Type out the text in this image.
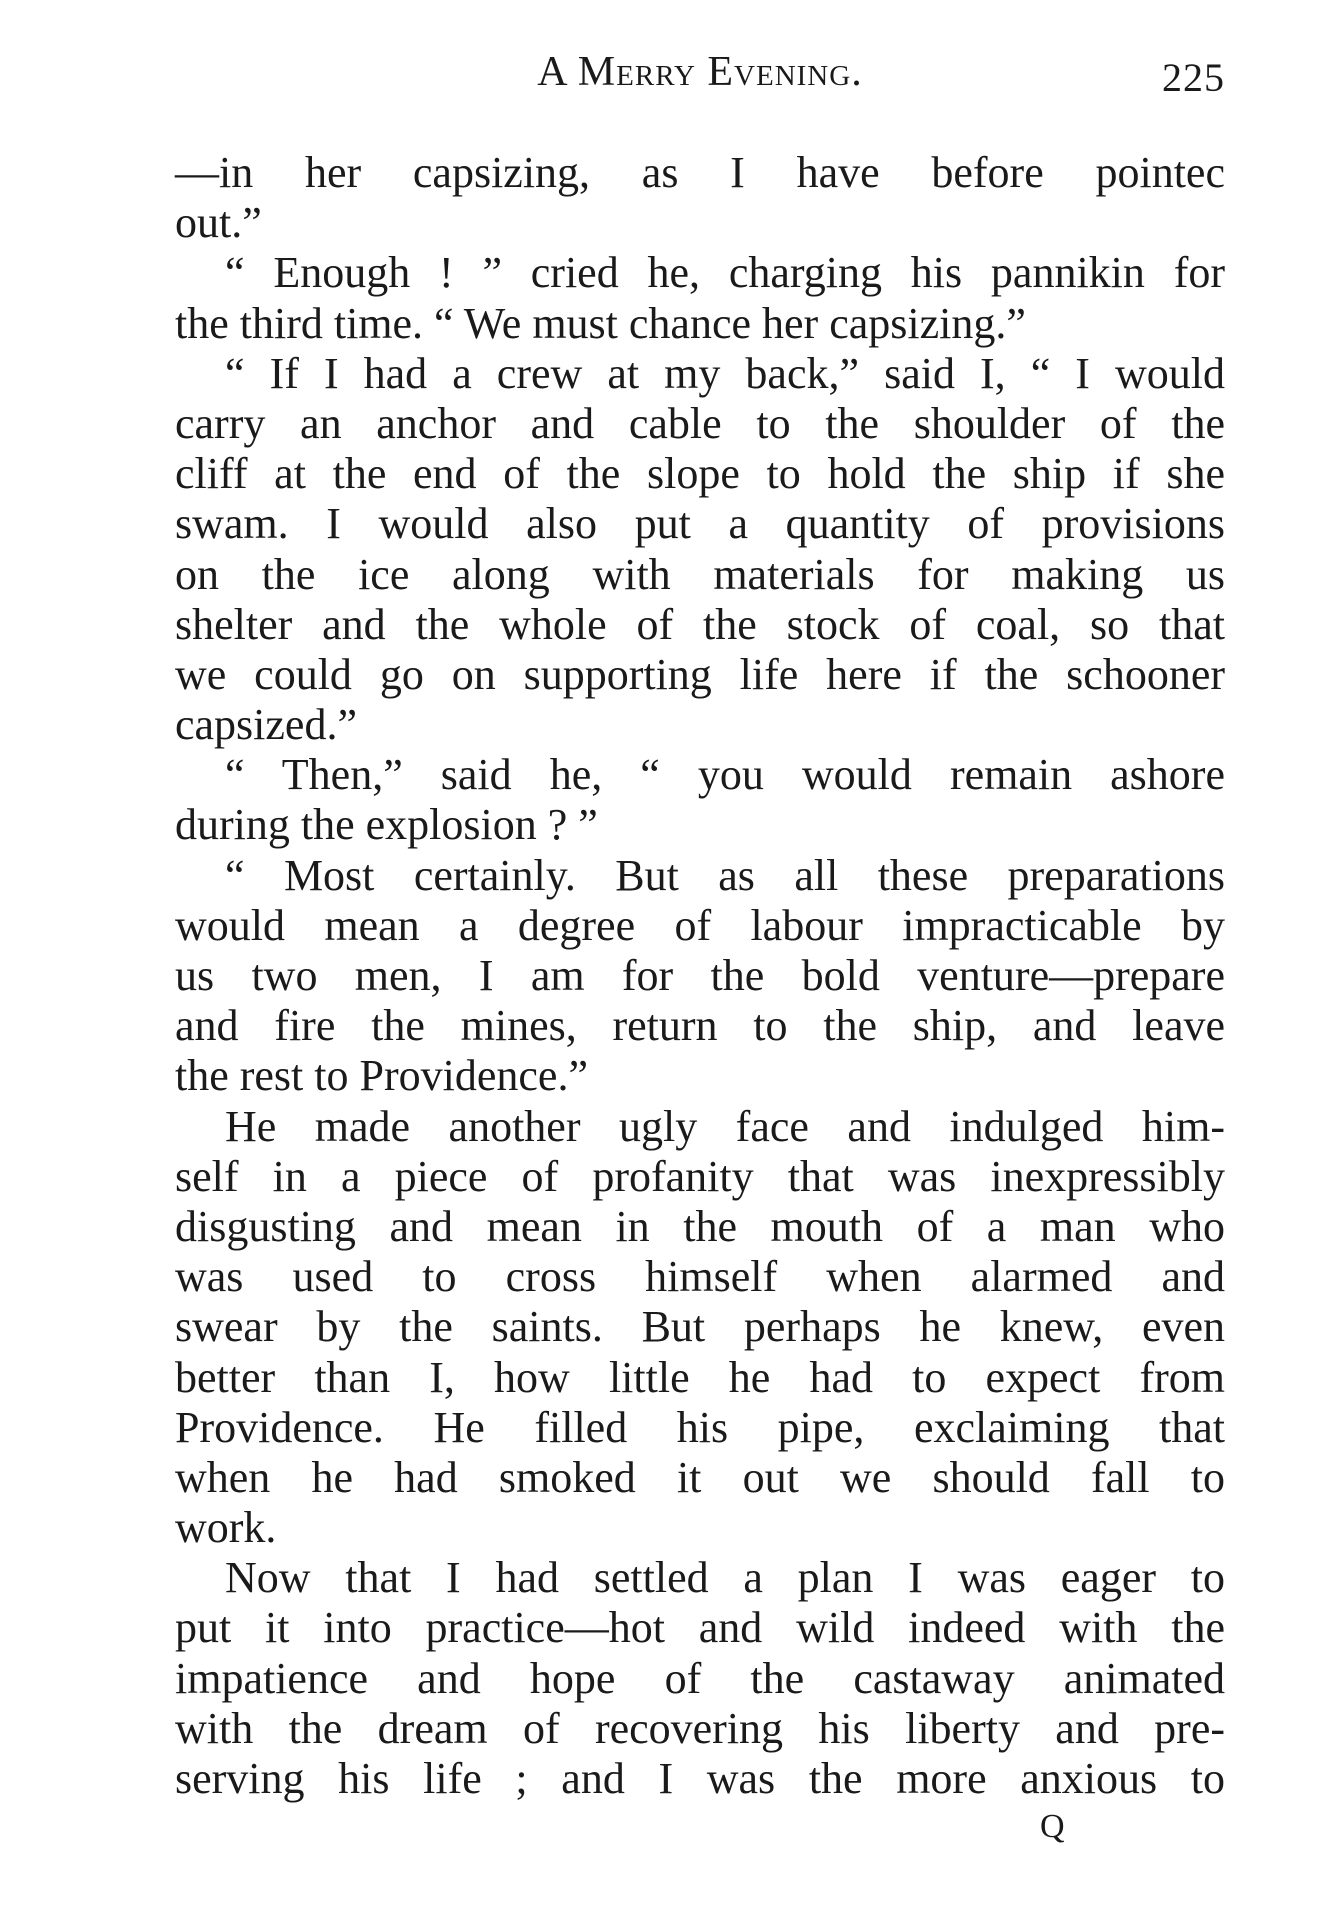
A Merry Evening.	225
—in her capsizing, as I have before pointec
out.”
“ Enough ! ” cried he, charging his pannikin for
the third time. “ We must chance her capsizing.”
“ If I had a crew at my back,” said I, “ I would
carry an anchor and cable to the shoulder of the
cliff at the end of the slope to hold the ship if she
swam. I would also put a quantity of provisions
on the ice along with materials for making us
shelter and the whole of the stock of coal, so that
we could go on supporting life here if the schooner
capsized.”
“ Then,” said he, “ you would remain ashore
during the explosion ? ”
“ Most certainly. But as all these preparations
would mean a degree of labour impracticable by
us two men, I am for the bold venture—prepare
and fire the mines, return to the ship, and leave
the rest to Providence.”
He made another ugly face and indulged him-
self in a piece of profanity that was inexpressibly
disgusting and mean in the mouth of a man who
was used to cross himself when alarmed and
swear by the saints. But perhaps he knew, even
better than I, how little he had to expect from
Providence. He filled his pipe, exclaiming that
when he had smoked it out we should fall to
work.
Now that I had settled a plan I was eager to
put it into practice—hot and wild indeed with the
impatience and hope of the castaway animated
with the dream of recovering his liberty and pre-
serving his life ; and I was the more anxious to
Q
